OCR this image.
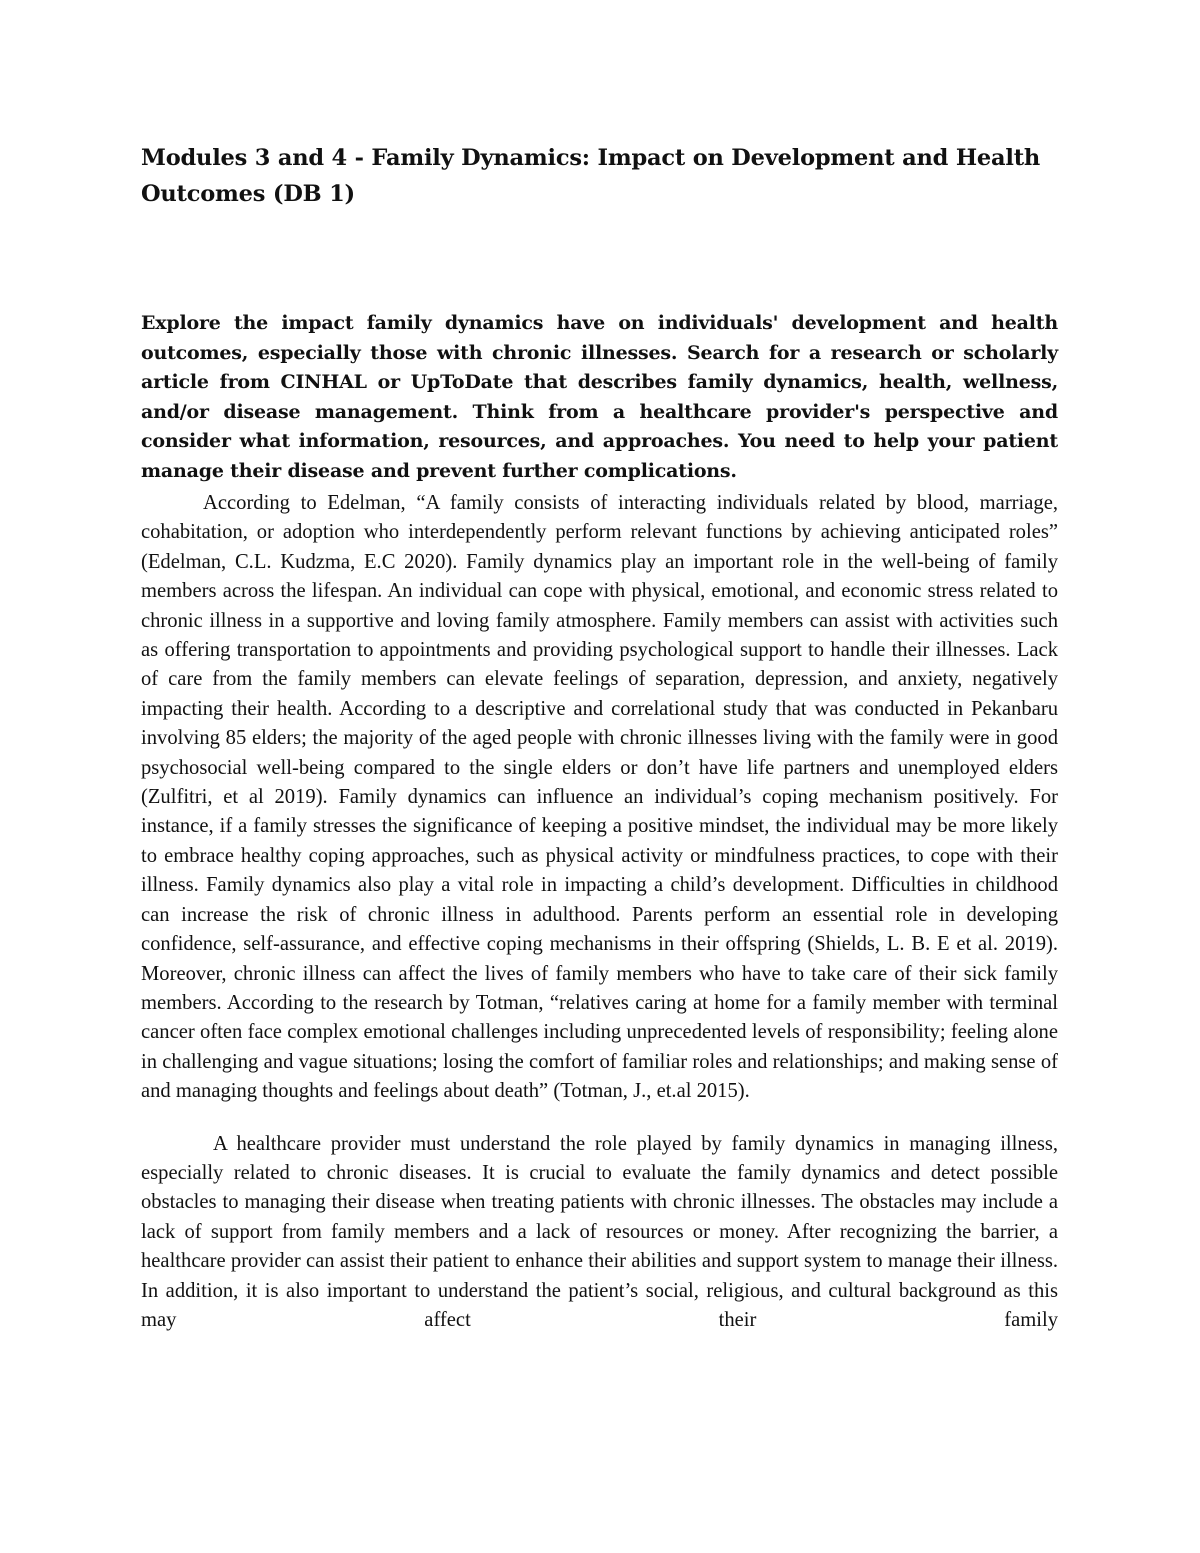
Modules 3 and 4 - Family Dynamics: Impact on Development and Health Outcomes (DB 1)

Explore the impact family dynamics have on individuals' development and health outcomes, especially those with chronic illnesses. Search for a research or scholarly article from CINHAL or UpToDate that describes family dynamics, health, wellness, and/or disease management. Think from a healthcare provider's perspective and consider what information, resources, and approaches. You need to help your patient manage their disease and prevent further complications.

According to Edelman, “A family consists of interacting individuals related by blood, marriage, cohabitation, or adoption who interdependently perform relevant functions by achieving anticipated roles” (Edelman, C.L. Kudzma, E.C 2020). Family dynamics play an important role in the well-being of family members across the lifespan. An individual can cope with physical, emotional, and economic stress related to chronic illness in a supportive and loving family atmosphere. Family members can assist with activities such as offering transportation to appointments and providing psychological support to handle their illnesses. Lack of care from the family members can elevate feelings of separation, depression, and anxiety, negatively impacting their health. According to a descriptive and correlational study that was conducted in Pekanbaru involving 85 elders; the majority of the aged people with chronic illnesses living with the family were in good psychosocial well-being compared to the single elders or don’t have life partners and unemployed elders (Zulfitri, et al 2019). Family dynamics can influence an individual’s coping mechanism positively. For instance, if a family stresses the significance of keeping a positive mindset, the individual may be more likely to embrace healthy coping approaches, such as physical activity or mindfulness practices, to cope with their illness. Family dynamics also play a vital role in impacting a child’s development. Difficulties in childhood can increase the risk of chronic illness in adulthood. Parents perform an essential role in developing confidence, self-assurance, and effective coping mechanisms in their offspring (Shields, L. B. E et al. 2019). Moreover, chronic illness can affect the lives of family members who have to take care of their sick family members. According to the research by Totman, “relatives caring at home for a family member with terminal cancer often face complex emotional challenges including unprecedented levels of responsibility; feeling alone in challenging and vague situations; losing the comfort of familiar roles and relationships; and making sense of and managing thoughts and feelings about death” (Totman, J., et.al 2015).

A healthcare provider must understand the role played by family dynamics in managing illness, especially related to chronic diseases. It is crucial to evaluate the family dynamics and detect possible obstacles to managing their disease when treating patients with chronic illnesses. The obstacles may include a lack of support from family members and a lack of resources or money. After recognizing the barrier, a healthcare provider can assist their patient to enhance their abilities and support system to manage their illness. In addition, it is also important to understand the patient’s social, religious, and cultural background as this may affect their family
